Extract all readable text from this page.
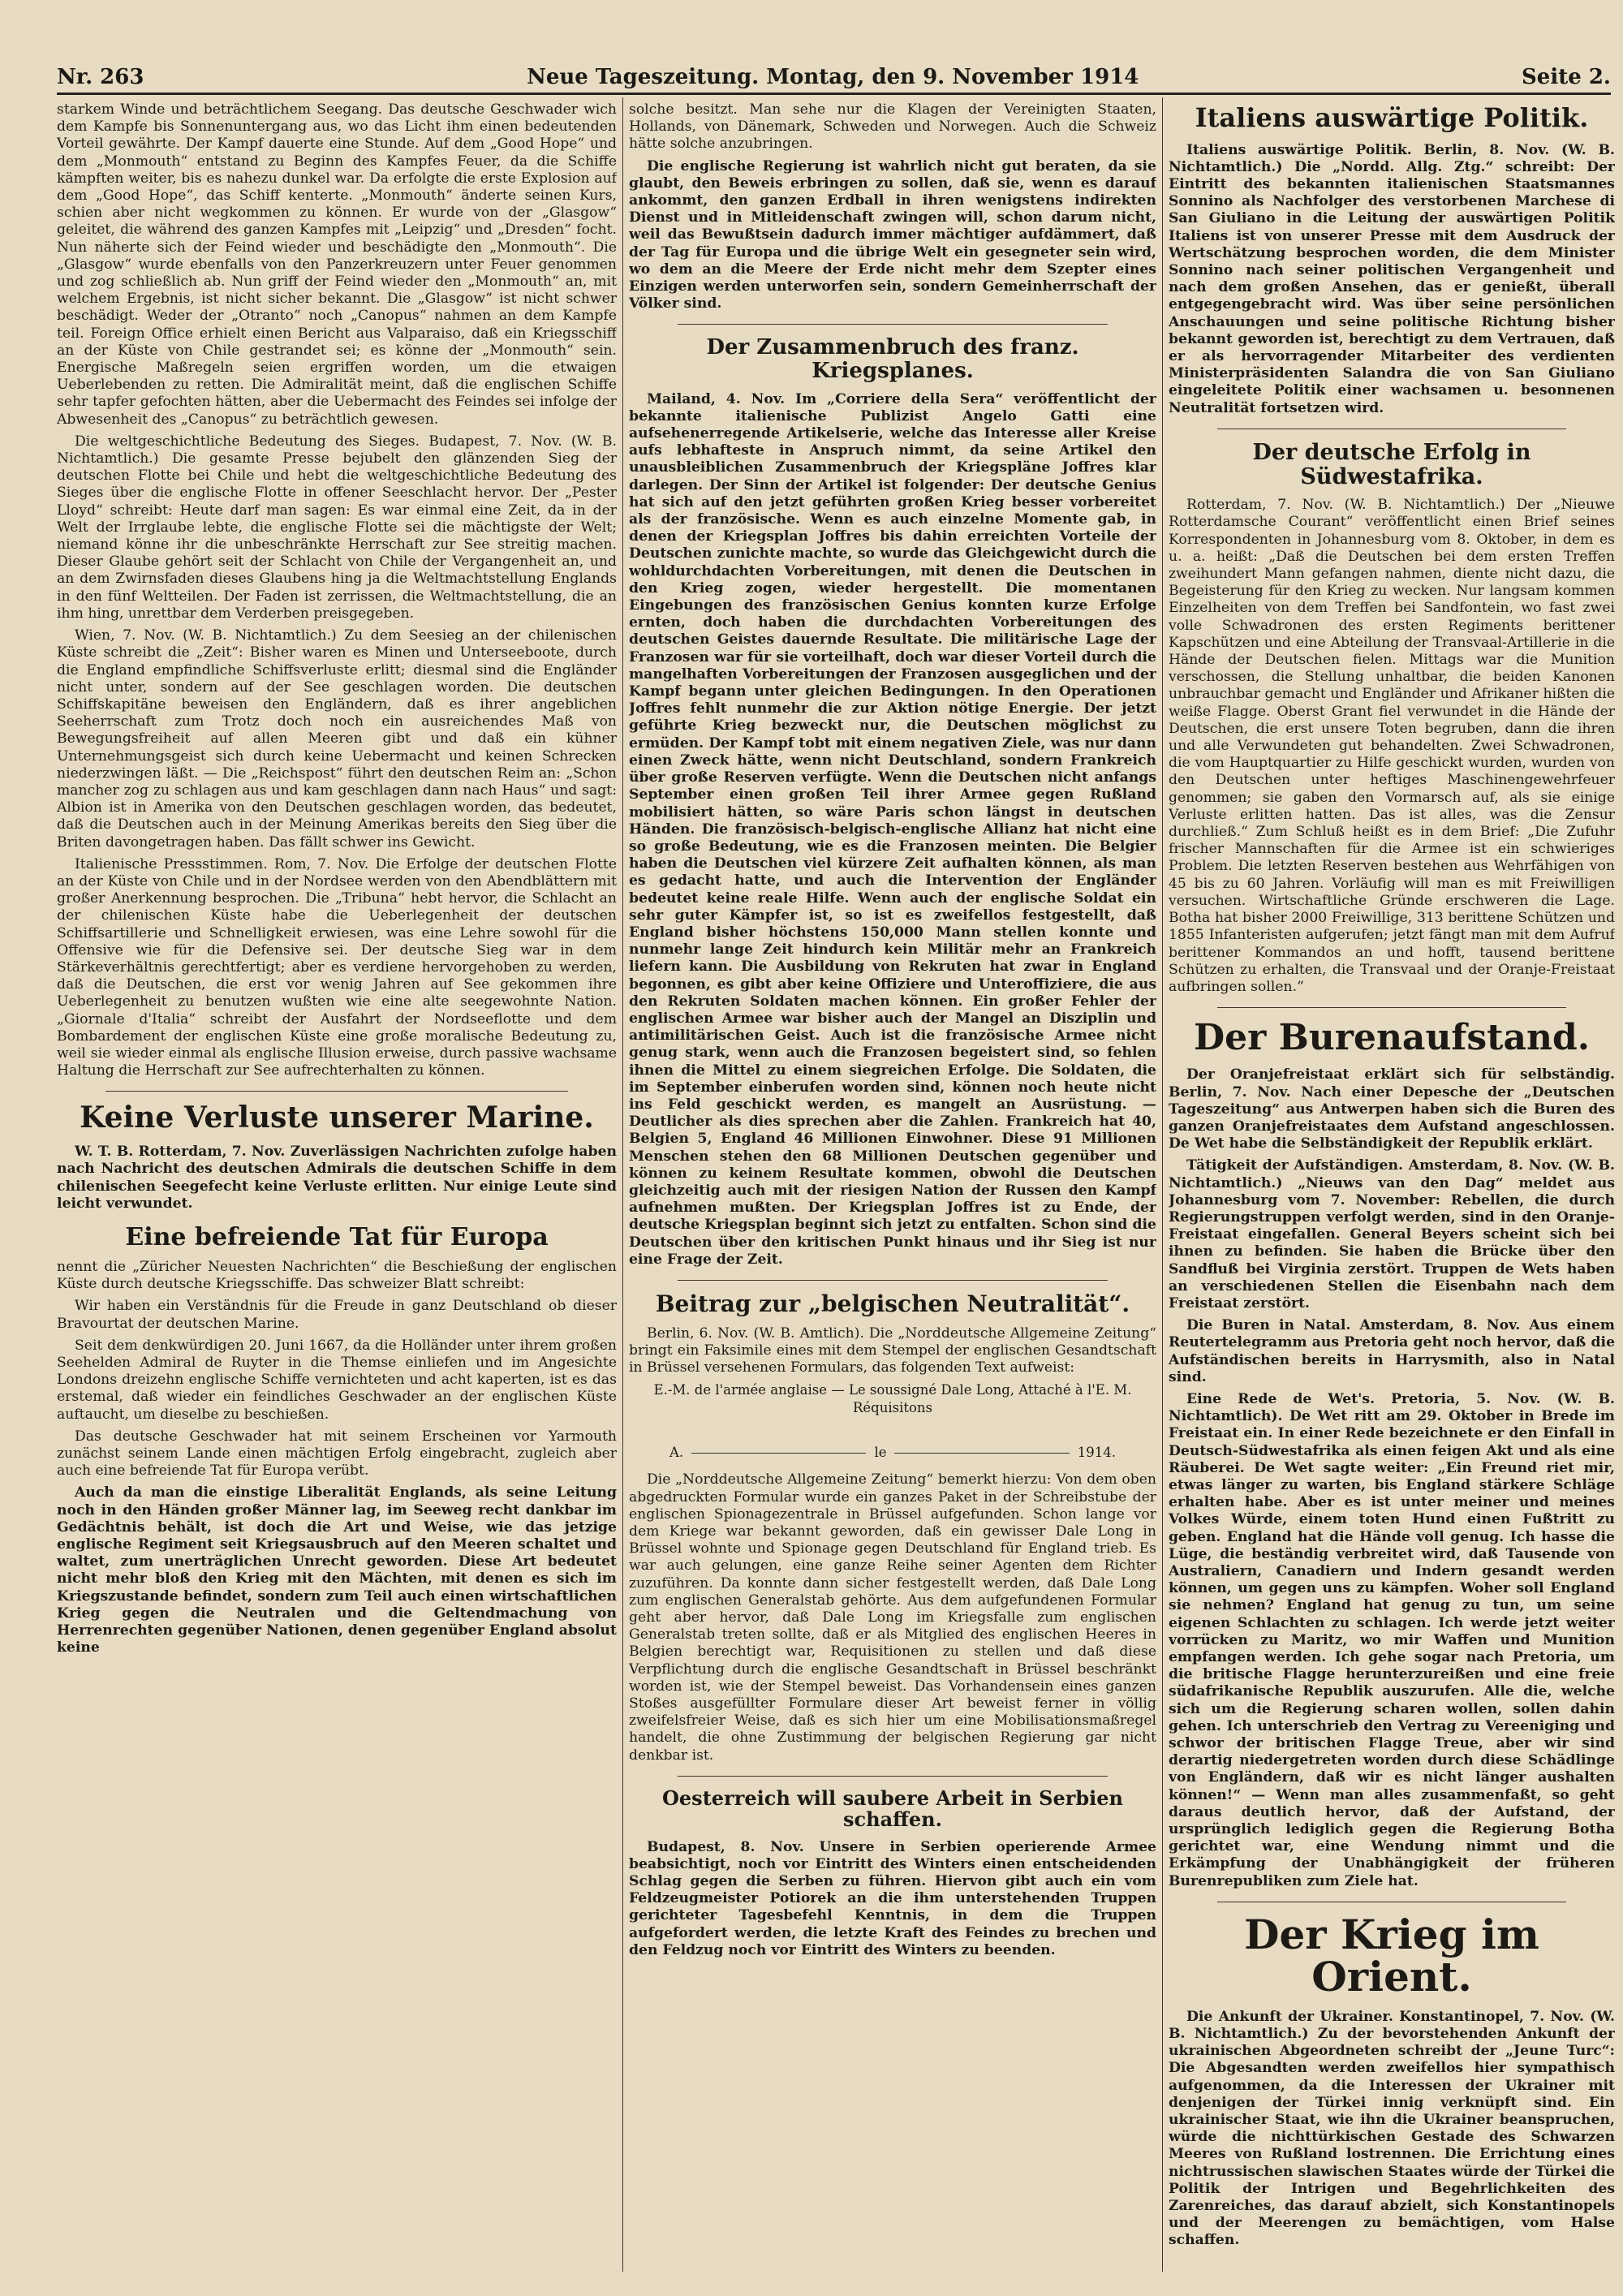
Nr. 263	Neue Tageszeitung. Montag, den 9. November 1914	Seite 2.

starkem Winde und beträchtlichem Seegang. Das deutsche Geschwader wich dem Kampfe bis Sonnenuntergang aus, wo das Licht ihm einen bedeutenden Vorteil gewährte. Der Kampf dauerte eine Stunde. Auf dem „Good Hope“ und dem „Monmouth“ entstand zu Beginn des Kampfes Feuer, da die Schiffe kämpften weiter, bis es nahezu dunkel war. Da erfolgte die erste Explosion auf dem „Good Hope“, das Schiff kenterte. „Monmouth“ änderte seinen Kurs, schien aber nicht wegkommen zu können. Er wurde von der „Glasgow“ geleitet, die während des ganzen Kampfes mit „Leipzig“ und „Dresden“ focht. Nun näherte sich der Feind wieder und beschädigte den „Monmouth“. Die „Glasgow“ wurde ebenfalls von den Panzerkreuzern unter Feuer genommen und zog schließlich ab. Nun griff der Feind wieder den „Monmouth“ an, mit welchem Ergebnis, ist nicht sicher bekannt. Die „Glasgow“ ist nicht schwer beschädigt. Weder der „Otranto“ noch „Canopus“ nahmen an dem Kampfe teil. Foreign Office erhielt einen Bericht aus Valparaiso, daß ein Kriegsschiff an der Küste von Chile gestrandet sei; es könne der „Monmouth“ sein. Energische Maßregeln seien ergriffen worden, um die etwaigen Ueberlebenden zu retten. Die Admiralität meint, daß die englischen Schiffe sehr tapfer gefochten hätten, aber die Uebermacht des Feindes sei infolge der Abwesenheit des „Canopus“ zu beträchtlich gewesen.

Die weltgeschichtliche Bedeutung des Sieges. Budapest, 7. Nov. (W. B. Nichtamtlich.) Die gesamte Presse bejubelt den glänzenden Sieg der deutschen Flotte bei Chile und hebt die weltgeschichtliche Bedeutung des Sieges über die englische Flotte in offener Seeschlacht hervor. Der „Pester Lloyd“ schreibt: Heute darf man sagen: Es war einmal eine Zeit, da in der Welt der Irrglaube lebte, die englische Flotte sei die mächtigste der Welt; niemand könne ihr die unbeschränkte Herrschaft zur See streitig machen. Dieser Glaube gehört seit der Schlacht von Chile der Vergangenheit an, und an dem Zwirnsfaden dieses Glaubens hing ja die Weltmachtstellung Englands in den fünf Weltteilen. Der Faden ist zerrissen, die Weltmachtstellung, die an ihm hing, unrettbar dem Verderben preisgegeben.

Wien, 7. Nov. (W. B. Nichtamtlich.) Zu dem Seesieg an der chilenischen Küste schreibt die „Zeit“: Bisher waren es Minen und Unterseeboote, durch die England empfindliche Schiffsverluste erlitt; diesmal sind die Engländer nicht unter, sondern auf der See geschlagen worden. Die deutschen Schiffskapitäne beweisen den Engländern, daß es ihrer angeblichen Seeherrschaft zum Trotz doch noch ein ausreichendes Maß von Bewegungsfreiheit auf allen Meeren gibt und daß ein kühner Unternehmungsgeist sich durch keine Uebermacht und keinen Schrecken niederzwingen läßt. — Die „Reichspost“ führt den deutschen Reim an: „Schon mancher zog zu schlagen aus und kam geschlagen dann nach Haus“ und sagt: Albion ist in Amerika von den Deutschen geschlagen worden, das bedeutet, daß die Deutschen auch in der Meinung Amerikas bereits den Sieg über die Briten davongetragen haben. Das fällt schwer ins Gewicht.

Italienische Pressstimmen. Rom, 7. Nov. Die Erfolge der deutschen Flotte an der Küste von Chile und in der Nordsee werden von den Abendblättern mit großer Anerkennung besprochen. Die „Tribuna“ hebt hervor, die Schlacht an der chilenischen Küste habe die Ueberlegenheit der deutschen Schiffsartillerie und Schnelligkeit erwiesen, was eine Lehre sowohl für die Offensive wie für die Defensive sei. Der deutsche Sieg war in dem Stärkeverhältnis gerechtfertigt; aber es verdiene hervorgehoben zu werden, daß die Deutschen, die erst vor wenig Jahren auf See gekommen ihre Ueberlegenheit zu benutzen wußten wie eine alte seegewohnte Nation. „Giornale d'Italia“ schreibt der Ausfahrt der Nordseeflotte und dem Bombardement der englischen Küste eine große moralische Bedeutung zu, weil sie wieder einmal als englische Illusion erweise, durch passive wachsame Haltung die Herrschaft zur See aufrechterhalten zu können.

Keine Verluste unserer Marine.

W. T. B. Rotterdam, 7. Nov. Zuverlässigen Nachrichten zufolge haben nach Nachricht des deutschen Admirals die deutschen Schiffe in dem chilenischen Seegefecht keine Verluste erlitten. Nur einige Leute sind leicht verwundet.

Eine befreiende Tat für Europa

nennt die „Züricher Neuesten Nachrichten“ die Beschießung der englischen Küste durch deutsche Kriegsschiffe. Das schweizer Blatt schreibt:

Wir haben ein Verständnis für die Freude in ganz Deutschland ob dieser Bravourtat der deutschen Marine.

Seit dem denkwürdigen 20. Juni 1667, da die Holländer unter ihrem großen Seehelden Admiral de Ruyter in die Themse einliefen und im Angesichte Londons dreizehn englische Schiffe vernichteten und acht kaperten, ist es das erstemal, daß wieder ein feindliches Geschwader an der englischen Küste auftaucht, um dieselbe zu beschießen.

Das deutsche Geschwader hat mit seinem Erscheinen vor Yarmouth zunächst seinem Lande einen mächtigen Erfolg eingebracht, zugleich aber auch eine befreiende Tat für Europa verübt.

Auch da man die einstige Liberalität Englands, als seine Leitung noch in den Händen großer Männer lag, im Seeweg recht dankbar im Gedächtnis behält, ist doch die Art und Weise, wie das jetzige englische Regiment seit Kriegsausbruch auf den Meeren schaltet und waltet, zum unerträglichen Unrecht geworden. Diese Art bedeutet nicht mehr bloß den Krieg mit den Mächten, mit denen es sich im Kriegszustande befindet, sondern zum Teil auch einen wirtschaftlichen Krieg gegen die Neutralen und die Geltendmachung von Herrenrechten gegenüber Nationen, denen gegenüber England absolut keine

solche besitzt. Man sehe nur die Klagen der Vereinigten Staaten, Hollands, von Dänemark, Schweden und Norwegen. Auch die Schweiz hätte solche anzubringen.

Die englische Regierung ist wahrlich nicht gut beraten, da sie glaubt, den Beweis erbringen zu sollen, daß sie, wenn es darauf ankommt, den ganzen Erdball in ihren wenigstens indirekten Dienst und in Mitleidenschaft zwingen will, schon darum nicht, weil das Bewußtsein dadurch immer mächtiger aufdämmert, daß der Tag für Europa und die übrige Welt ein gesegneter sein wird, wo dem an die Meere der Erde nicht mehr dem Szepter eines Einzigen werden unterworfen sein, sondern Gemeinherrschaft der Völker sind.

Der Zusammenbruch des franz. Kriegsplanes.

Mailand, 4. Nov. Im „Corriere della Sera“ veröffentlicht der bekannte italienische Publizist Angelo Gatti eine aufsehenerregende Artikelserie, welche das Interesse aller Kreise aufs lebhafteste in Anspruch nimmt, da seine Artikel den unausbleiblichen Zusammenbruch der Kriegspläne Joffres klar darlegen. Der Sinn der Artikel ist folgender: Der deutsche Genius hat sich auf den jetzt geführten großen Krieg besser vorbereitet als der französische. Wenn es auch einzelne Momente gab, in denen der Kriegsplan Joffres bis dahin erreichten Vorteile der Deutschen zunichte machte, so wurde das Gleichgewicht durch die wohldurchdachten Vorbereitungen, mit denen die Deutschen in den Krieg zogen, wieder hergestellt. Die momentanen Eingebungen des französischen Genius konnten kurze Erfolge ernten, doch haben die durchdachten Vorbereitungen des deutschen Geistes dauernde Resultate. Die militärische Lage der Franzosen war für sie vorteilhaft, doch war dieser Vorteil durch die mangelhaften Vorbereitungen der Franzosen ausgeglichen und der Kampf begann unter gleichen Bedingungen. In den Operationen Joffres fehlt nunmehr die zur Aktion nötige Energie. Der jetzt geführte Krieg bezweckt nur, die Deutschen möglichst zu ermüden. Der Kampf tobt mit einem negativen Ziele, was nur dann einen Zweck hätte, wenn nicht Deutschland, sondern Frankreich über große Reserven verfügte. Wenn die Deutschen nicht anfangs September einen großen Teil ihrer Armee gegen Rußland mobilisiert hätten, so wäre Paris schon längst in deutschen Händen. Die französisch-belgisch-englische Allianz hat nicht eine so große Bedeutung, wie es die Franzosen meinten. Die Belgier haben die Deutschen viel kürzere Zeit aufhalten können, als man es gedacht hatte, und auch die Intervention der Engländer bedeutet keine reale Hilfe. Wenn auch der englische Soldat ein sehr guter Kämpfer ist, so ist es zweifellos festgestellt, daß England bisher höchstens 150,000 Mann stellen konnte und nunmehr lange Zeit hindurch kein Militär mehr an Frankreich liefern kann. Die Ausbildung von Rekruten hat zwar in England begonnen, es gibt aber keine Offiziere und Unteroffiziere, die aus den Rekruten Soldaten machen können. Ein großer Fehler der englischen Armee war bisher auch der Mangel an Disziplin und antimilitärischen Geist. Auch ist die französische Armee nicht genug stark, wenn auch die Franzosen begeistert sind, so fehlen ihnen die Mittel zu einem siegreichen Erfolge. Die Soldaten, die im September einberufen worden sind, können noch heute nicht ins Feld geschickt werden, es mangelt an Ausrüstung. — Deutlicher als dies sprechen aber die Zahlen. Frankreich hat 40, Belgien 5, England 46 Millionen Einwohner. Diese 91 Millionen Menschen stehen den 68 Millionen Deutschen gegenüber und können zu keinem Resultate kommen, obwohl die Deutschen gleichzeitig auch mit der riesigen Nation der Russen den Kampf aufnehmen mußten. Der Kriegsplan Joffres ist zu Ende, der deutsche Kriegsplan beginnt sich jetzt zu entfalten. Schon sind die Deutschen über den kritischen Punkt hinaus und ihr Sieg ist nur eine Frage der Zeit.

Beitrag zur „belgischen Neutralität“.

Berlin, 6. Nov. (W. B. Amtlich). Die „Norddeutsche Allgemeine Zeitung“ bringt ein Faksimile eines mit dem Stempel der englischen Gesandtschaft in Brüssel versehenen Formulars, das folgenden Text aufweist:

E.-M. de l'armée anglaise — Le soussigné Dale Long, Attaché à l'E. M. Réquisitons
A.	le	1914.

Die „Norddeutsche Allgemeine Zeitung“ bemerkt hierzu: Von dem oben abgedruckten Formular wurde ein ganzes Paket in der Schreibstube der englischen Spionagezentrale in Brüssel aufgefunden. Schon lange vor dem Kriege war bekannt geworden, daß ein gewisser Dale Long in Brüssel wohnte und Spionage gegen Deutschland für England trieb. Es war auch gelungen, eine ganze Reihe seiner Agenten dem Richter zuzuführen. Da konnte dann sicher festgestellt werden, daß Dale Long zum englischen Generalstab gehörte. Aus dem aufgefundenen Formular geht aber hervor, daß Dale Long im Kriegsfalle zum englischen Generalstab treten sollte, daß er als Mitglied des englischen Heeres in Belgien berechtigt war, Requisitionen zu stellen und daß diese Verpflichtung durch die englische Gesandtschaft in Brüssel beschränkt worden ist, wie der Stempel beweist. Das Vorhandensein eines ganzen Stoßes ausgefüllter Formulare dieser Art beweist ferner in völlig zweifelsfreier Weise, daß es sich hier um eine Mobilisationsmaßregel handelt, die ohne Zustimmung der belgischen Regierung gar nicht denkbar ist.

Oesterreich will saubere Arbeit in Serbien schaffen.

Budapest, 8. Nov. Unsere in Serbien operierende Armee beabsichtigt, noch vor Eintritt des Winters einen entscheidenden Schlag gegen die Serben zu führen. Hiervon gibt auch ein vom Feldzeugmeister Potiorek an die ihm unterstehenden Truppen gerichteter Tagesbefehl Kenntnis, in dem die Truppen aufgefordert werden, die letzte Kraft des Feindes zu brechen und den Feldzug noch vor Eintritt des Winters zu beenden.

Italiens auswärtige Politik.

Italiens auswärtige Politik. Berlin, 8. Nov. (W. B. Nichtamtlich.) Die „Nordd. Allg. Ztg.“ schreibt: Der Eintritt des bekannten italienischen Staatsmannes Sonnino als Nachfolger des verstorbenen Marchese di San Giuliano in die Leitung der auswärtigen Politik Italiens ist von unserer Presse mit dem Ausdruck der Wertschätzung besprochen worden, die dem Minister Sonnino nach seiner politischen Vergangenheit und nach dem großen Ansehen, das er genießt, überall entgegengebracht wird. Was über seine persönlichen Anschauungen und seine politische Richtung bisher bekannt geworden ist, berechtigt zu dem Vertrauen, daß er als hervorragender Mitarbeiter des verdienten Ministerpräsidenten Salandra die von San Giuliano eingeleitete Politik einer wachsamen u. besonnenen Neutralität fortsetzen wird.

Der deutsche Erfolg in Südwestafrika.

Rotterdam, 7. Nov. (W. B. Nichtamtlich.) Der „Nieuwe Rotterdamsche Courant“ veröffentlicht einen Brief seines Korrespondenten in Johannesburg vom 8. Oktober, in dem es u. a. heißt: „Daß die Deutschen bei dem ersten Treffen zweihundert Mann gefangen nahmen, diente nicht dazu, die Begeisterung für den Krieg zu wecken. Nur langsam kommen Einzelheiten von dem Treffen bei Sandfontein, wo fast zwei volle Schwadronen des ersten Regiments berittener Kapschützen und eine Abteilung der Transvaal-Artillerie in die Hände der Deutschen fielen. Mittags war die Munition verschossen, die Stellung unhaltbar, die beiden Kanonen unbrauchbar gemacht und Engländer und Afrikaner hißten die weiße Flagge. Oberst Grant fiel verwundet in die Hände der Deutschen, die erst unsere Toten begruben, dann die ihren und alle Verwundeten gut behandelten. Zwei Schwadronen, die vom Hauptquartier zu Hilfe geschickt wurden, wurden von den Deutschen unter heftiges Maschinengewehrfeuer genommen; sie gaben den Vormarsch auf, als sie einige Verluste erlitten hatten. Das ist alles, was die Zensur durchließ.“ Zum Schluß heißt es in dem Brief: „Die Zufuhr frischer Mannschaften für die Armee ist ein schwieriges Problem. Die letzten Reserven bestehen aus Wehrfähigen von 45 bis zu 60 Jahren. Vorläufig will man es mit Freiwilligen versuchen. Wirtschaftliche Gründe erschweren die Lage. Botha hat bisher 2000 Freiwillige, 313 berittene Schützen und 1855 Infanteristen aufgerufen; jetzt fängt man mit dem Aufruf berittener Kommandos an und hofft, tausend berittene Schützen zu erhalten, die Transvaal und der Oranje-Freistaat aufbringen sollen.“

Der Burenaufstand.

Der Oranjefreistaat erklärt sich für selbständig. Berlin, 7. Nov. Nach einer Depesche der „Deutschen Tageszeitung“ aus Antwerpen haben sich die Buren des ganzen Oranjefreistaates dem Aufstand angeschlossen. De Wet habe die Selbständigkeit der Republik erklärt.

Tätigkeit der Aufständigen. Amsterdam, 8. Nov. (W. B. Nichtamtlich.) „Nieuws van den Dag“ meldet aus Johannesburg vom 7. November: Rebellen, die durch Regierungstruppen verfolgt werden, sind in den Oranje-Freistaat eingefallen. General Beyers scheint sich bei ihnen zu befinden. Sie haben die Brücke über den Sandfluß bei Virginia zerstört. Truppen de Wets haben an verschiedenen Stellen die Eisenbahn nach dem Freistaat zerstört.

Die Buren in Natal. Amsterdam, 8. Nov. Aus einem Reutertelegramm aus Pretoria geht noch hervor, daß die Aufständischen bereits in Harrysmith, also in Natal sind.

Eine Rede de Wet's. Pretoria, 5. Nov. (W. B. Nichtamtlich). De Wet ritt am 29. Oktober in Brede im Freistaat ein. In einer Rede bezeichnete er den Einfall in Deutsch-Südwestafrika als einen feigen Akt und als eine Räuberei. De Wet sagte weiter: „Ein Freund riet mir, etwas länger zu warten, bis England stärkere Schläge erhalten habe. Aber es ist unter meiner und meines Volkes Würde, einem toten Hund einen Fußtritt zu geben. England hat die Hände voll genug. Ich hasse die Lüge, die beständig verbreitet wird, daß Tausende von Australiern, Canadiern und Indern gesandt werden können, um gegen uns zu kämpfen. Woher soll England sie nehmen? England hat genug zu tun, um seine eigenen Schlachten zu schlagen. Ich werde jetzt weiter vorrücken zu Maritz, wo mir Waffen und Munition empfangen werden. Ich gehe sogar nach Pretoria, um die britische Flagge herunterzureißen und eine freie südafrikanische Republik auszurufen. Alle die, welche sich um die Regierung scharen wollen, sollen dahin gehen. Ich unterschrieb den Vertrag zu Vereeniging und schwor der britischen Flagge Treue, aber wir sind derartig niedergetreten worden durch diese Schädlinge von Engländern, daß wir es nicht länger aushalten können!“ — Wenn man alles zusammenfaßt, so geht daraus deutlich hervor, daß der Aufstand, der ursprünglich lediglich gegen die Regierung Botha gerichtet war, eine Wendung nimmt und die Erkämpfung der Unabhängigkeit der früheren Burenrepubliken zum Ziele hat.

Der Krieg im Orient.

Die Ankunft der Ukrainer. Konstantinopel, 7. Nov. (W. B. Nichtamtlich.) Zu der bevorstehenden Ankunft der ukrainischen Abgeordneten schreibt der „Jeune Turc“: Die Abgesandten werden zweifellos hier sympathisch aufgenommen, da die Interessen der Ukrainer mit denjenigen der Türkei innig verknüpft sind. Ein ukrainischer Staat, wie ihn die Ukrainer beanspruchen, würde die nichttürkischen Gestade des Schwarzen Meeres von Rußland lostrennen. Die Errichtung eines nichtrussischen slawischen Staates würde der Türkei die Politik der Intrigen und Begehrlichkeiten des Zarenreiches, das darauf abzielt, sich Konstantinopels und der Meerengen zu bemächtigen, vom Halse schaffen.
